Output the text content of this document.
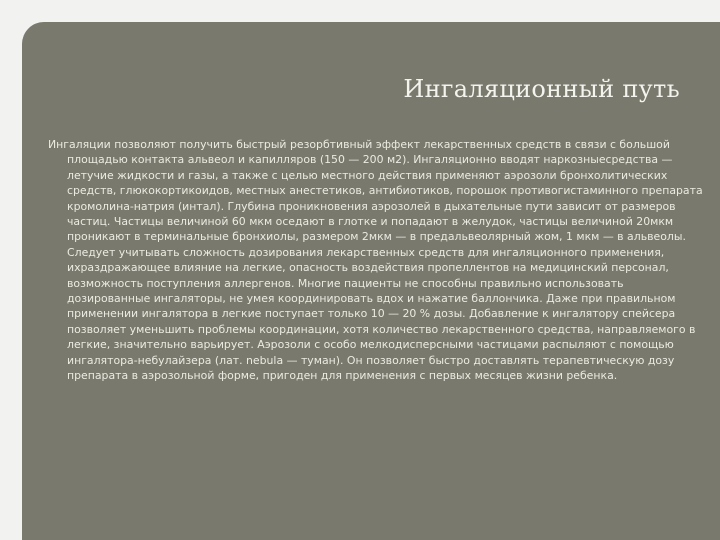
Ингаляционный путь
Ингаляции позволяют получить быстрый резорбтивный эффект лекарственных средств в связи с большой площадью контакта альвеол и капилляров (150 — 200 м2). Ингаляционно вводят наркозныесредства — летучие жидкости и газы, а также с целью местного действия применяют аэрозоли бронхолитических средств, глюкокортикоидов, местных анестетиков, антибиотиков, порошок противогистаминного препарата кромолина-натрия (интал). Глубина проникновения аэрозолей в дыхательные пути зависит от размеров частиц. Частицы величиной 60 мкм оседают в глотке и попадают в желудок, частицы величиной 20мкм проникают в терминальные бронхиолы, размером 2мкм — в предальвеолярный жом, 1 мкм — в альвеолы. Следует учитывать сложность дозирования лекарственных средств для ингаляционного применения, ихраздражающее влияние на легкие, опасность воздействия пропеллентов на медицинский персонал, возможность поступления аллергенов. Многие пациенты не способны правильно использовать дозированные ингаляторы, не умея координировать вдох и нажатие баллончика. Даже при правильном применении ингалятора в легкие поступает только 10 — 20 % дозы. Добавление к ингалятору спейсера позволяет уменьшить проблемы координации, хотя количество лекарственного средства, направляемого в легкие, значительно варьирует. Аэрозоли с особо мелкодисперсными частицами распыляют с помощью ингалятора-небулайзера (лат. nebula — туман). Он позволяет быстро доставлять терапевтическую дозу препарата в аэрозольной форме, пригоден для применения с первых месяцев жизни ребенка.
